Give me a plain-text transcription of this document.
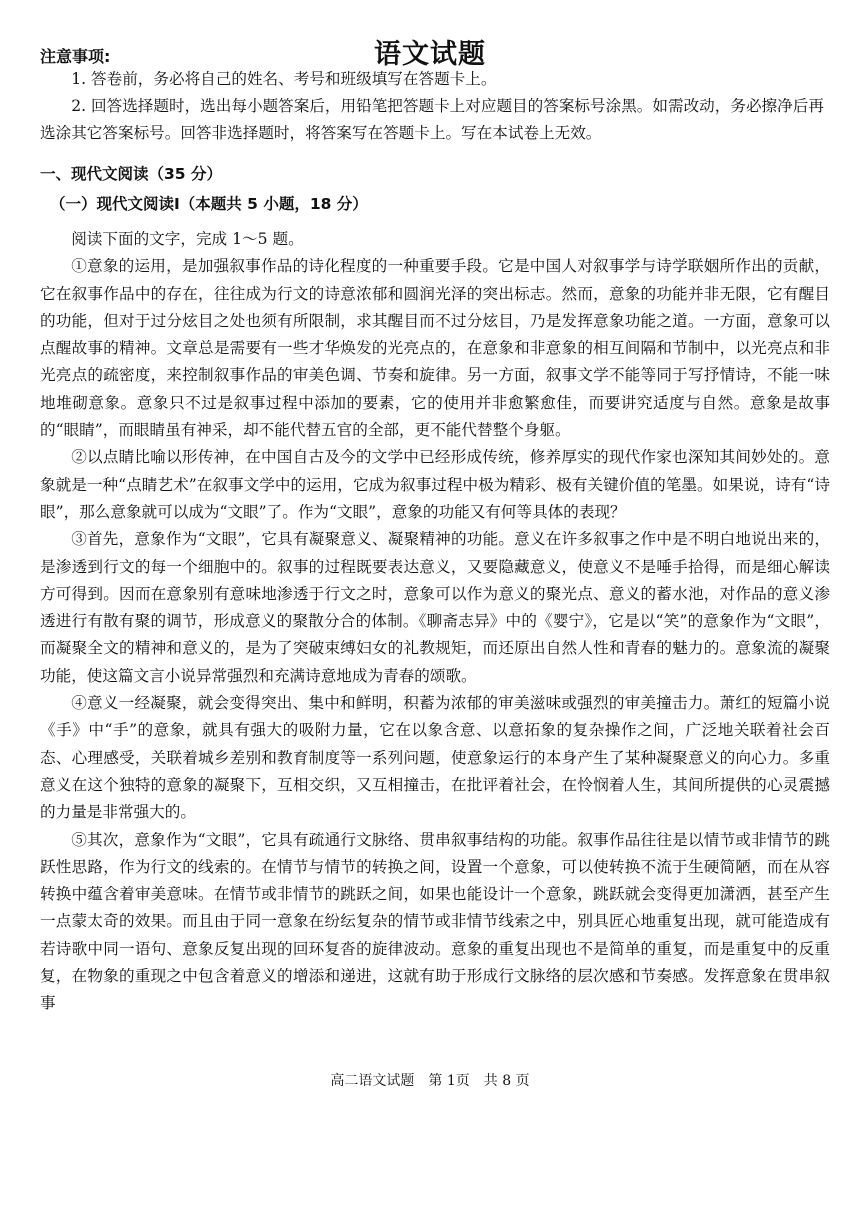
注意事项:	语文试题

1. 答卷前，务必将自己的姓名、考号和班级填写在答题卡上。

2. 回答选择题时，选出每小题答案后，用铅笔把答题卡上对应题目的答案标号涂黑。如需改动，务必擦净后再选涂其它答案标号。回答非选择题时，将答案写在答题卡上。写在本试卷上无效。

一、现代文阅读（35 分）
（一）现代文阅读Ⅰ（本题共 5 小题，18 分）

阅读下面的文字，完成 1～5 题。

①意象的运用，是加强叙事作品的诗化程度的一种重要手段。它是中国人对叙事学与诗学联姻所作出的贡献，它在叙事作品中的存在，往往成为行文的诗意浓郁和圆润光泽的突出标志。然而，意象的功能并非无限，它有醒目的功能，但对于过分炫目之处也须有所限制，求其醒目而不过分炫目，乃是发挥意象功能之道。一方面，意象可以点醒故事的精神。文章总是需要有一些才华焕发的光亮点的，在意象和非意象的相互间隔和节制中，以光亮点和非光亮点的疏密度，来控制叙事作品的审美色调、节奏和旋律。另一方面，叙事文学不能等同于写抒情诗，不能一味地堆砌意象。意象只不过是叙事过程中添加的要素，它的使用并非愈繁愈佳，而要讲究适度与自然。意象是故事的“眼睛”，而眼睛虽有神采，却不能代替五官的全部，更不能代替整个身躯。

②以点睛比喻以形传神，在中国自古及今的文学中已经形成传统，修养厚实的现代作家也深知其间妙处的。意象就是一种“点睛艺术”在叙事文学中的运用，它成为叙事过程中极为精彩、极有关键价值的笔墨。如果说，诗有“诗眼”，那么意象就可以成为“文眼”了。作为“文眼”，意象的功能又有何等具体的表现？

③首先，意象作为“文眼”，它具有凝聚意义、凝聚精神的功能。意义在许多叙事之作中是不明白地说出来的，是渗透到行文的每一个细胞中的。叙事的过程既要表达意义，又要隐藏意义，使意义不是唾手拾得，而是细心解读方可得到。因而在意象别有意味地渗透于行文之时，意象可以作为意义的聚光点、意义的蓄水池，对作品的意义渗透进行有散有聚的调节，形成意义的聚散分合的体制。《聊斋志异》中的《婴宁》，它是以“笑”的意象作为“文眼”，而凝聚全文的精神和意义的，是为了突破束缚妇女的礼教规矩，而还原出自然人性和青春的魅力的。意象流的凝聚功能，使这篇文言小说异常强烈和充满诗意地成为青春的颂歌。

④意义一经凝聚，就会变得突出、集中和鲜明，积蓄为浓郁的审美滋味或强烈的审美撞击力。萧红的短篇小说《手》中“手”的意象，就具有强大的吸附力量，它在以象含意、以意拓象的复杂操作之间，广泛地关联着社会百态、心理感受，关联着城乡差别和教育制度等一系列问题，使意象运行的本身产生了某种凝聚意义的向心力。多重意义在这个独特的意象的凝聚下，互相交织，又互相撞击，在批评着社会，在怜悯着人生，其间所提供的心灵震撼的力量是非常强大的。

⑤其次，意象作为“文眼”，它具有疏通行文脉络、贯串叙事结构的功能。叙事作品往往是以情节或非情节的跳跃性思路，作为行文的线索的。在情节与情节的转换之间，设置一个意象，可以使转换不流于生硬简陋，而在从容转换中蕴含着审美意味。在情节或非情节的跳跃之间，如果也能设计一个意象，跳跃就会变得更加潇洒，甚至产生一点蒙太奇的效果。而且由于同一意象在纷纭复杂的情节或非情节线索之中，别具匠心地重复出现，就可能造成有若诗歌中同一语句、意象反复出现的回环复沓的旋律波动。意象的重复出现也不是简单的重复，而是重复中的反重复，在物象的重现之中包含着意义的增添和递进，这就有助于形成行文脉络的层次感和节奏感。发挥意象在贯串叙事

高二语文试题　第 1页　共 8 页
